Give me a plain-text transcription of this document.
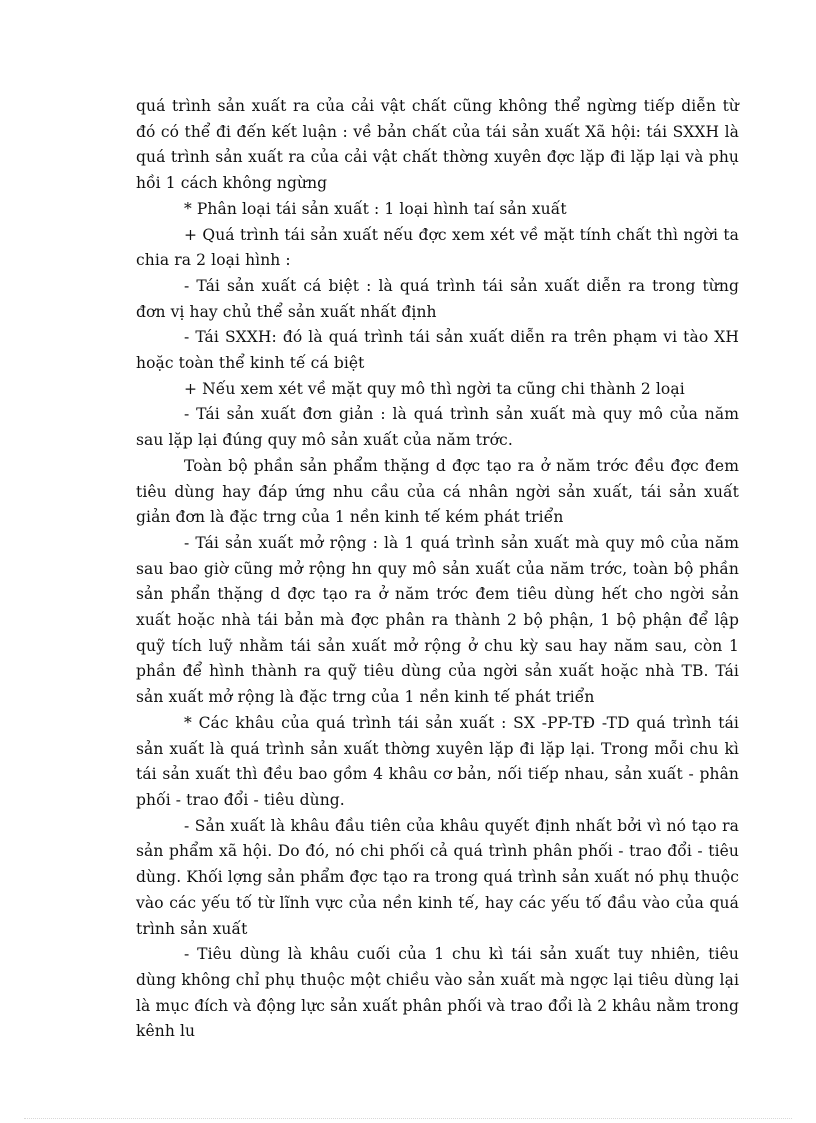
quá trình sản xuất ra của cải vật chất cũng không thể ngừng tiếp diễn từ đó có thể đi đến kết luận : về bản chất của tái sản xuất Xã hội: tái SXXH là quá trình sản xuất ra của cải vật chất thờng xuyên đợc lặp đi lặp lại và phụ hồi 1 cách không ngừng

* Phân loại tái sản xuất : 1 loại hình taí sản xuất

+ Quá trình tái sản xuất nếu đợc xem xét về mặt tính chất thì ngời ta chia ra 2 loại hình :

- Tái sản xuất cá biệt : là quá trình tái sản xuất diễn ra trong từng đơn vị hay chủ thể sản xuất nhất định

- Tái SXXH: đó là quá trình tái sản xuất diễn ra trên phạm vi tào XH hoặc toàn thể kinh tế cá biệt

+ Nếu xem xét về mặt quy mô thì ngời ta cũng chi thành 2 loại

- Tái sản xuất đơn giản : là quá trình sản xuất mà quy mô của năm sau lặp lại đúng quy mô sản xuất của năm trớc.

Toàn bộ phần sản phẩm thặng d đợc tạo ra ở năm trớc đều đợc đem tiêu dùng hay đáp ứng nhu cầu của cá nhân ngời sản xuất, tái sản xuất giản đơn là đặc trng của 1 nền kinh tế kém phát triển

- Tái sản xuất mở rộng : là 1 quá trình sản xuất mà quy mô của năm sau bao giờ cũng mở rộng hn quy mô sản xuất của năm trớc, toàn bộ phần sản phẩn thặng d đợc tạo ra ở năm trớc đem tiêu dùng hết cho ngời sản xuất hoặc nhà tái bản mà đợc phân ra thành 2 bộ phận, 1 bộ phận để lập quỹ tích luỹ nhằm tái sản xuất mở rộng ở chu kỳ sau hay năm sau, còn 1 phần để hình thành ra quỹ tiêu dùng của ngời sản xuất hoặc nhà TB. Tái sản xuất mở rộng là đặc trng của 1 nền kinh tế phát triển

* Các khâu của quá trình tái sản xuất : SX -PP-TĐ -TD quá trình tái sản xuất là quá trình sản xuất thờng xuyên lặp đi lặp lại. Trong mỗi chu kì tái sản xuất thì đều bao gồm 4 khâu cơ bản, nối tiếp nhau, sản xuất - phân phối - trao đổi - tiêu dùng.

- Sản xuất là khâu đầu tiên của khâu quyết định nhất bởi vì nó tạo ra sản phẩm xã hội. Do đó, nó chi phối cả quá trình phân phối - trao đổi - tiêu dùng. Khối lợng sản phẩm đợc tạo ra trong quá trình sản xuất nó phụ thuộc vào các yếu tố từ lĩnh vực của nền kinh tế, hay các yếu tố đầu vào của quá trình sản xuất

- Tiêu dùng là khâu cuối của 1 chu kì tái sản xuất tuy nhiên, tiêu dùng không chỉ phụ thuộc một chiều vào sản xuất mà ngợc lại tiêu dùng lại là mục đích và động lực sản xuất phân phối và trao đổi là 2 khâu nằm trong kênh lu
